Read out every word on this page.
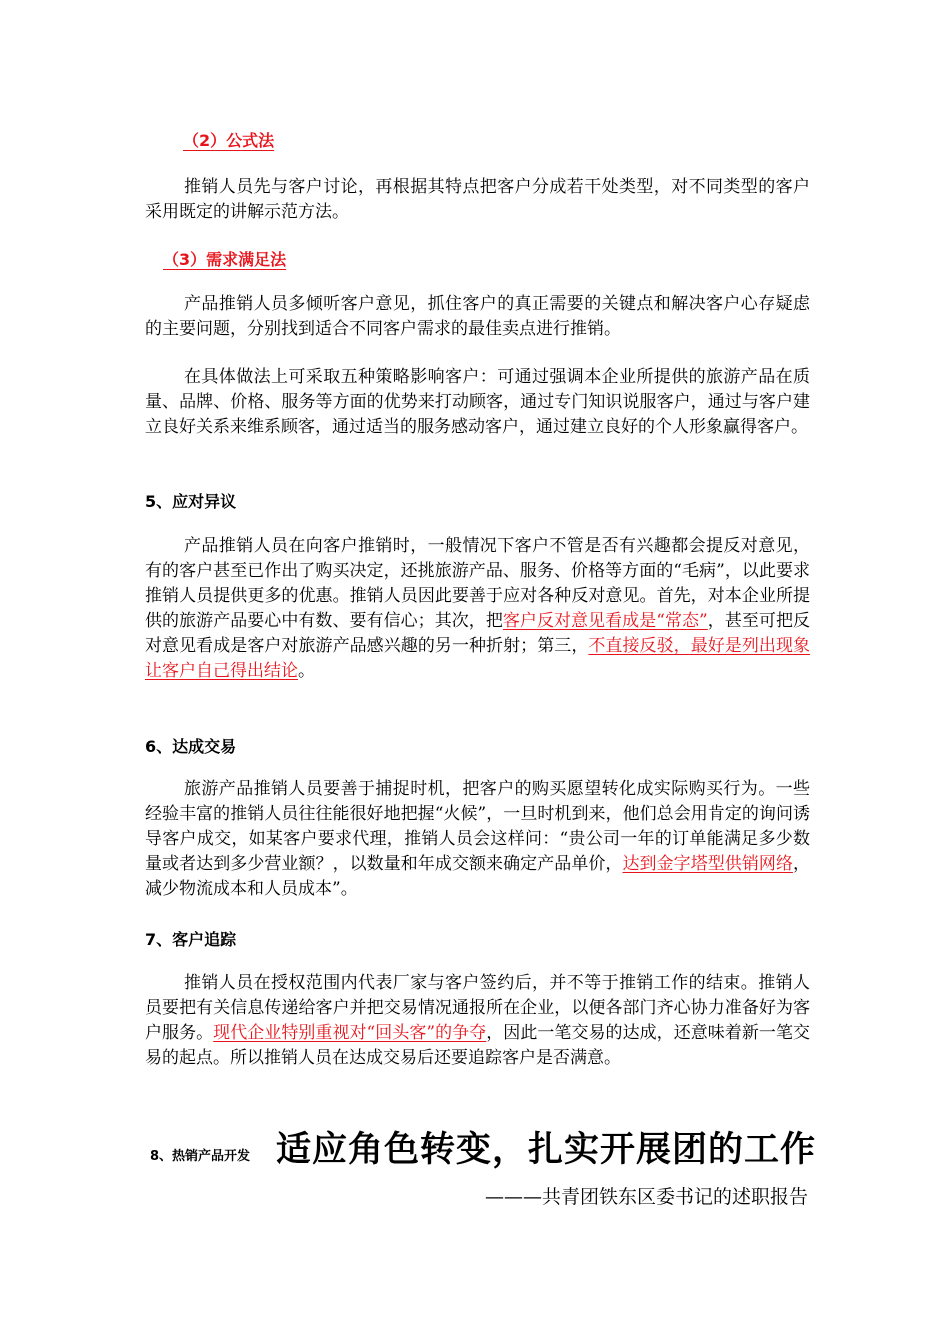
（2）公式法

推销人员先与客户讨论，再根据其特点把客户分成若干处类型，对不同类型的客户采用既定的讲解示范方法。

（3）需求满足法

产品推销人员多倾听客户意见，抓住客户的真正需要的关键点和解决客户心存疑虑的主要问题，分别找到适合不同客户需求的最佳卖点进行推销。

在具体做法上可采取五种策略影响客户：可通过强调本企业所提供的旅游产品在质量、品牌、价格、服务等方面的优势来打动顾客，通过专门知识说服客户，通过与客户建立良好关系来维系顾客，通过适当的服务感动客户，通过建立良好的个人形象赢得客户。

5、应对异议

产品推销人员在向客户推销时，一般情况下客户不管是否有兴趣都会提反对意见，有的客户甚至已作出了购买决定，还挑旅游产品、服务、价格等方面的“毛病”，以此要求推销人员提供更多的优惠。推销人员因此要善于应对各种反对意见。首先，对本企业所提供的旅游产品要心中有数、要有信心；其次，把客户反对意见看成是“常态”，甚至可把反对意见看成是客户对旅游产品感兴趣的另一种折射；第三，不直接反驳，最好是列出现象让客户自己得出结论。

6、达成交易

旅游产品推销人员要善于捕捉时机，把客户的购买愿望转化成实际购买行为。一些经验丰富的推销人员往往能很好地把握“火候”，一旦时机到来，他们总会用肯定的询问诱导客户成交，如某客户要求代理，推销人员会这样问：“贵公司一年的订单能满足多少数量或者达到多少营业额？，以数量和年成交额来确定产品单价，达到金字塔型供销网络，减少物流成本和人员成本”。

7、客户追踪

推销人员在授权范围内代表厂家与客户签约后，并不等于推销工作的结束。推销人员要把有关信息传递给客户并把交易情况通报所在企业，以便各部门齐心协力准备好为客户服务。现代企业特别重视对“回头客”的争夺，因此一笔交易的达成，还意味着新一笔交易的起点。所以推销人员在达成交易后还要追踪客户是否满意。

8、热销产品开发 适应角色转变，扎实开展团的工作
———共青团铁东区委书记的述职报告
